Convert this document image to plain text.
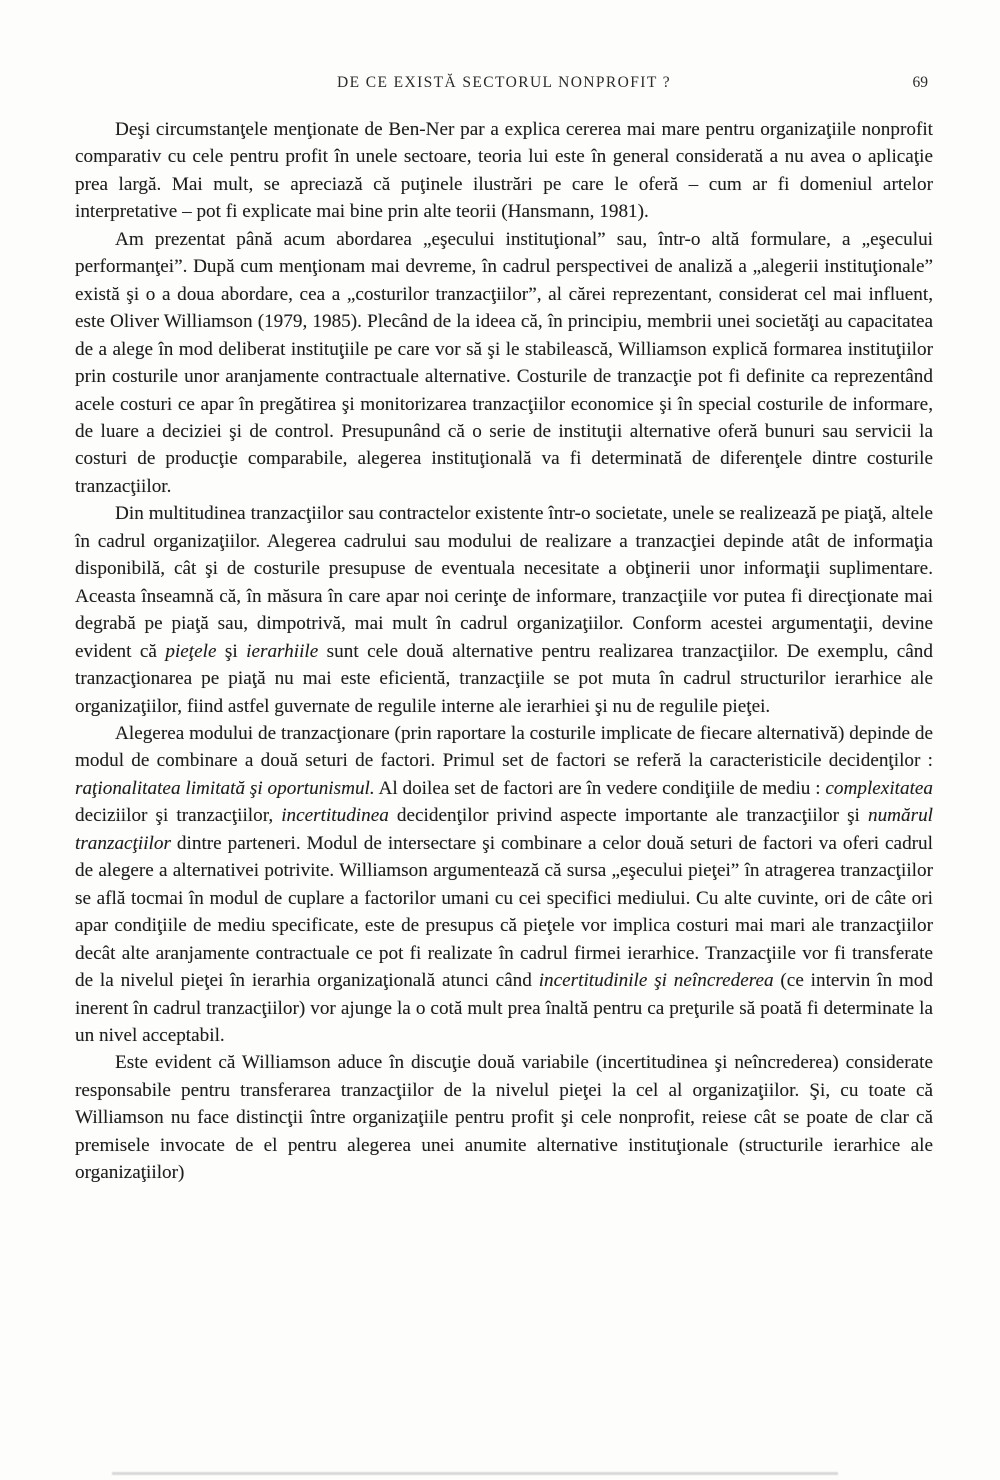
DE CE EXISTĂ SECTORUL NONPROFIT ?	69

Deşi circumstanţele menţionate de Ben-Ner par a explica cererea mai mare pentru organizaţiile nonprofit comparativ cu cele pentru profit în unele sectoare, teoria lui este în general considerată a nu avea o aplicaţie prea largă. Mai mult, se apreciază că puţinele ilustrări pe care le oferă – cum ar fi domeniul artelor interpretative – pot fi explicate mai bine prin alte teorii (Hansmann, 1981).

Am prezentat până acum abordarea „eşecului instituţional” sau, într-o altă formulare, a „eşecului performanţei”. După cum menţionam mai devreme, în cadrul perspectivei de analiză a „alegerii instituţionale” există şi o a doua abordare, cea a „costurilor tranzacţiilor”, al cărei reprezentant, considerat cel mai influent, este Oliver Williamson (1979, 1985). Plecând de la ideea că, în principiu, membrii unei societăţi au capacitatea de a alege în mod deliberat instituţiile pe care vor să şi le stabilească, Williamson explică formarea instituţiilor prin costurile unor aranjamente contractuale alternative. Costurile de tranzacţie pot fi definite ca reprezentând acele costuri ce apar în pregătirea şi monitorizarea tranzacţiilor economice şi în special costurile de informare, de luare a deciziei şi de control. Presupunând că o serie de instituţii alternative oferă bunuri sau servicii la costuri de producţie comparabile, alegerea instituţională va fi determinată de diferenţele dintre costurile tranzacţiilor.

Din multitudinea tranzacţiilor sau contractelor existente într-o societate, unele se realizează pe piaţă, altele în cadrul organizaţiilor. Alegerea cadrului sau modului de realizare a tranzacţiei depinde atât de informaţia disponibilă, cât şi de costurile presupuse de eventuala necesitate a obţinerii unor informaţii suplimentare. Aceasta înseamnă că, în măsura în care apar noi cerinţe de informare, tranzacţiile vor putea fi direcţionate mai degrabă pe piaţă sau, dimpotrivă, mai mult în cadrul organizaţiilor. Conform acestei argumentaţii, devine evident că pieţele şi ierarhiile sunt cele două alternative pentru realizarea tranzacţiilor. De exemplu, când tranzacţionarea pe piaţă nu mai este eficientă, tranzacţiile se pot muta în cadrul structurilor ierarhice ale organizaţiilor, fiind astfel guvernate de regulile interne ale ierarhiei şi nu de regulile pieţei.

Alegerea modului de tranzacţionare (prin raportare la costurile implicate de fiecare alternativă) depinde de modul de combinare a două seturi de factori. Primul set de factori se referă la caracteristicile decidenţilor : raţionalitatea limitată şi oportunismul. Al doilea set de factori are în vedere condiţiile de mediu : complexitatea deciziilor şi tranzacţiilor, incertitudinea decidenţilor privind aspecte importante ale tranzacţiilor şi numărul tranzacţiilor dintre parteneri. Modul de intersectare şi combinare a celor două seturi de factori va oferi cadrul de alegere a alternativei potrivite. Williamson argumentează că sursa „eşecului pieţei” în atragerea tranzacţiilor se află tocmai în modul de cuplare a factorilor umani cu cei specifici mediului. Cu alte cuvinte, ori de câte ori apar condiţiile de mediu specificate, este de presupus că pieţele vor implica costuri mai mari ale tranzacţiilor decât alte aranjamente contractuale ce pot fi realizate în cadrul firmei ierarhice. Tranzacţiile vor fi transferate de la nivelul pieţei în ierarhia organizaţională atunci când incertitudinile şi neîncrederea (ce intervin în mod inerent în cadrul tranzacţiilor) vor ajunge la o cotă mult prea înaltă pentru ca preţurile să poată fi determinate la un nivel acceptabil.

Este evident că Williamson aduce în discuţie două variabile (incertitudinea şi neîncrederea) considerate responsabile pentru transferarea tranzacţiilor de la nivelul pieţei la cel al organizaţiilor. Şi, cu toate că Williamson nu face distincţii între organizaţiile pentru profit şi cele nonprofit, reiese cât se poate de clar că premisele invocate de el pentru alegerea unei anumite alternative instituţionale (structurile ierarhice ale organizaţiilor)
